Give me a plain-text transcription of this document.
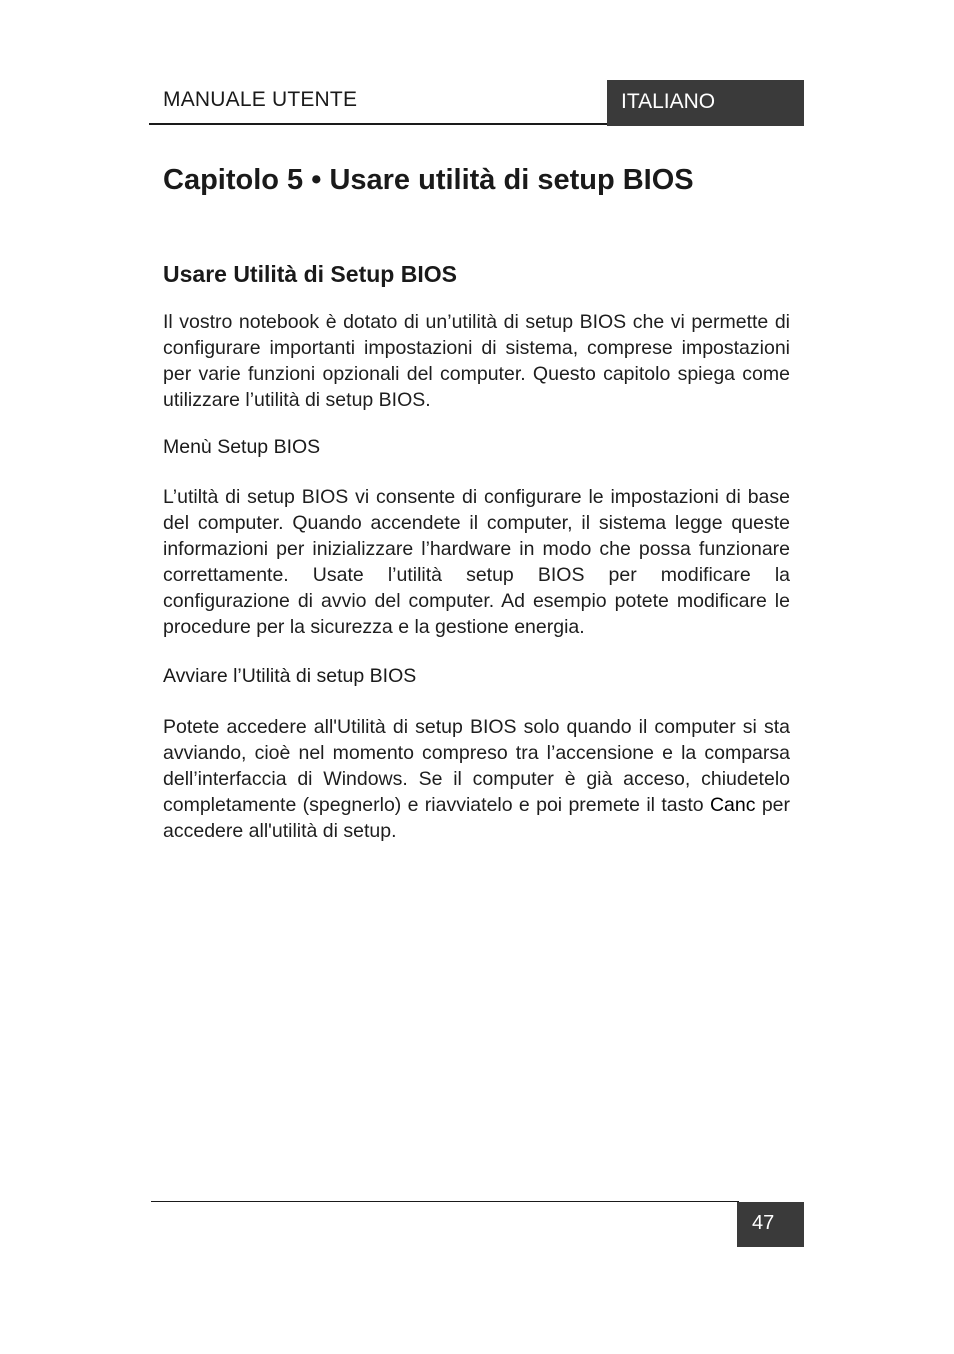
MANUALE UTENTE	ITALIANO
Capitolo 5 • Usare utilità di setup BIOS
Usare Utilità di Setup BIOS

Il vostro notebook è dotato di un’utilità di setup BIOS che vi permette di configurare importanti impostazioni di sistema, comprese impostazioni per varie funzioni opzionali del computer. Questo capitolo spiega come utilizzare l’utilità di setup BIOS.

Menù Setup BIOS

L’utiltà di setup BIOS vi consente di configurare le impostazioni di base del computer. Quando accendete il computer, il sistema legge queste informazioni per inizializzare l’hardware in modo che possa funzionare correttamente. Usate l’utilità setup BIOS per modificare la configurazione di avvio del computer. Ad esempio potete modificare le procedure per la sicurezza e la gestione energia.

Avviare l’Utilità di setup BIOS

Potete accedere all'Utilità di setup BIOS solo quando il computer si sta avviando, cioè nel momento compreso tra l’accensione e la comparsa dell’interfaccia di Windows. Se il computer è già acceso, chiudetelo completamente (spegnerlo) e riavviatelo e poi premete il tasto Canc per accedere all'utilità di setup.

47
